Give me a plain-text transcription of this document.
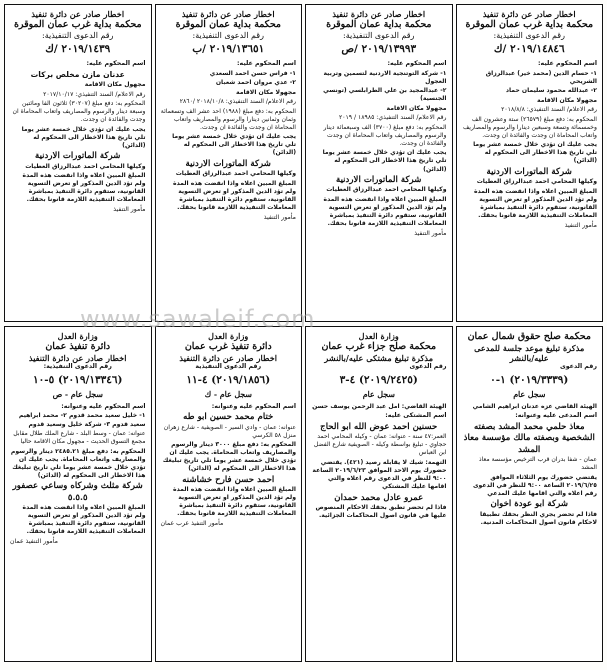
اخطار صادر عن دائرة تنفيذ
محكمة بداية غرب عمان الموقرة
رقم الدعوى التنفيذية:
٢٠١٩/١٤٨٤٦ /ك
اسم المحكوم عليه:
١- حسام الدين (محمد خير) عبدالرزاق الشريحي
٢- عبدالله محمود سليمان حماد
مجهولا مكان الاقامة
رقم الاعلام/ السند التنفيذي: ٢٠١٨/٨/٨
المحكوم به: دفع مبلغ (٢٦٥٧٩) ستة وعشرون الف وخمسمائة وتسعة وسبعين دينارا والرسوم والمصاريف واتعاب المحاماة ان وجدت والفائدة ان وجدت.
يجب عليك ان تؤدي خلال خمسة عشر يوما تلي تاريخ هذا الاخطار الى المحكوم له (الدائن)
شركة الماتورات الاردنية
وكيلها المحامي احمد عبدالرزاق العطيات
المبلغ المبين اعلاه واذا انقضت هذه المدة ولم تؤد الدين المذكور او تعرض التسوية القانونية، ستقوم دائرة التنفيذ بمباشرة المعاملات التنفيذية اللازمة قانونا بحقك.
مأمور التنفيذ
اخطار صادر عن دائرة تنفيذ
محكمة بداية عمان الموقرة
رقم الدعوى التنفيذية:
٢٠١٩/١٣٩٩٣ /ص
اسم المحكوم عليه:
١- شركة التوتنجية الاردنية لتسمين وتربية العجول
٢- عبدالمجيد بن علي الطرابلسي (تونسي الجنسية)
مجهولا مكان الاقامة
رقم الاعلام/ السند التنفيذي: ١٨٩٨٥ / ٢٠١٩
المحكوم به: دفع مبلغ (٣٧٠٠) الف وسبعمائة دينار والرسوم والمصاريف واتعاب المحاماة ان وجدت والفائدة ان وجدت.
يجب عليك ان تؤدي خلال خمسة عشر يوما تلي تاريخ هذا الاخطار الى المحكوم له (الدائن)
شركة الماتورات الاردنية
وكيلها المحامي احمد عبدالرزاق العطيات
المبلغ المبين اعلاه واذا انقضت هذه المدة ولم تؤد الدين المذكور او تعرض التسوية القانونية، ستقوم دائرة التنفيذ بمباشرة المعاملات التنفيذية اللازمة قانونا بحقك.
مأمور التنفيذ
اخطار صادر عن دائرة تنفيذ
محكمة بداية عمان الموقرة
رقم الدعوى التنفيذية:
٢٠١٩/١٣٦٥١ /ب
اسم المحكوم عليه:
١- فراس حسن احمد السعدي
٢- عدي مروان احمد شعبان
مجهولا مكان الاقامة
رقم الاعلام/ السند التنفيذي: ٢٠١٨/١٠/٨ /٢٨٦٠
المحكوم به: دفع مبلغ (١٩٨٨) احد عشر الف وتسعمائة وثمان وثمانين دينارا والرسوم والمصاريف واتعاب المحاماة ان وجدت والفائدة ان وجدت.
يجب عليك ان تؤدي خلال خمسة عشر يوما تلي تاريخ هذا الاخطار الى المحكوم له (الدائن)
شركة الماتورات الاردنية
وكيلها المحامي احمد عبدالرزاق العطيات
المبلغ المبين اعلاه واذا انقضت هذه المدة ولم تؤد الدين المذكور او تعرض التسوية القانونية، ستقوم دائرة التنفيذ بمباشرة المعاملات التنفيذية اللازمة قانونا بحقك.
مأمور التنفيذ
اخطار صادر عن دائرة تنفيذ
محكمة بداية غرب عمان الموقرة
رقم الدعوى التنفيذية:
٢٠١٩/١٤٣٩ /ك
اسم المحكوم عليه:
عدنان مازن مخلص بركات
مجهول مكان الاقامة
رقم الاعلام/ السند التنفيذي: ٢٠١٧/١٠/١٧
المحكوم به: دفع مبلغ (٣٠٢٠٧) ثلاثون الفا ومائتين وسبعة دينار والرسوم والمصاريف واتعاب المحاماة ان وجدت والفائدة ان وجدت.
يجب عليك ان تؤدي خلال خمسة عشر يوما تلي تاريخ هذا الاخطار الى المحكوم له (الدائن)
شركة الماتورات الاردنية
وكيلها المحامي احمد عبدالرزاق العطيات
المبلغ المبين اعلاه واذا انقضت هذه المدة ولم تؤد الدين المذكور او تعرض التسوية القانونية، ستقوم دائرة التنفيذ بمباشرة المعاملات التنفيذية اللازمة قانونا بحقك.
مأمور التنفيذ
محكمة صلح حقوق شمال عمان
مذكرة تبليغ موعد جلسة للمدعى
عليه/بالنشر
رقم الدعوى
٢٠١٩/٣٣٣٩) ١-٠)
سجل عام
الهيئة القاضي عزه عدنان ابراهيم الشامي
اسم المدعى عليه وعنوانه:
معاذ حلمي محمد المشد بصفته الشخصية وبصفته مالك مؤسسة معاذ المشد
عمان - شفا بدران قرب الترخيص مؤسسة معاذ المشد
يقتضي حضورك يوم الثلاثاء الموافق ٢٠١٩/٦/٢٥ الساعة ٩:٠٠ للنظر في الدعوى رقم اعلاه والتي اقامها عليك المدعي
شركة ابو عودة اخوان
فاذا لم تحضر يجري النظر بحقك تطبيقا لاحكام قانون اصول المحاكمات المدنية.
وزارة العدل
محكمة صلح جزاء غرب عمان
مذكرة تبليغ مشتكى عليه/بالنشر
رقم الدعوى
٢٠١٩/٢٤٢٥) ٤-٣)
سجل عام
الهيئة القاضي: امل عبد الرحمن يوسف حسن
اسم المشتكى عليه:
حسنين احمد عوض الله ابو الحاج
العمر:٤٧ سنة - عنوانه: عمان - وكيله المحامي احمد حجاوي - تبليغ بواسطة وكيله - الصويفية شارع الفضل ابن العباس
التهمة: شيك لا يقابله رصيد (٤٢١). يقتضي حضورك يوم الاحد الموافق ٢٠١٩/٦/٢٣ الساعة ٩:٠٠ للنظر في الدعوى رقم اعلاه والتي اقامها عليك المشتكي
عمرو عادل محمد حمدان
فاذا لم تحضر تطبق بحقك الاحكام المنصوص عليها في قانون اصول المحاكمات الجزائية.
وزارة العدل
دائرة تنفيذ غرب عمان
اخطار صادر عن دائرة التنفيذ
رقم الدعوى التنفيذية
٢٠١٩/١٨٥٦) ٤-١١)
سجل عام - ك
اسم المحكوم عليه وعنوانه:
ختام محمد حسين ابو طه
عنوانه: عمان - وادي السير - الصويفية - شارع زهران منزل ٥٨ الكرسي
المحكوم به: دفع مبلغ ٣٠٠٠ دينار والرسوم والمصاريف واتعاب المحاماة. يجب عليك ان تؤدي خلال خمسة عشر يوما تلي تاريخ تبليغك هذا الاخطار الى المحكوم له (الدائن)
احمد حسن فارح خشاشنه
المبلغ المبين اعلاه واذا انقضت هذه المدة ولم تؤد الدين المذكور او تعرض التسوية القانونية، ستقوم دائرة التنفيذ بمباشرة المعاملات التنفيذية اللازمة قانونا بحقك.
مأمور التنفيذ عرب عمان
وزارة العدل
دائرة تنفيذ عمان
اخطار صادر عن دائرة التنفيذ
رقم الدعوى التنفيذية:
٢٠١٩/١٣٣٤٦) ٥-١٠)
سجل عام - ص
اسم المحكوم عليه وعنوانه:
١- خليل سعيد محمد قدوم ٢- محمد ابراهيم سعيد قدوم ٣- شركة خليل وسعيد قدوم
عنوانه: عمان - وسط البلد - شارع الملك طلال مقابل مجمع التسوق الحديث - مجهول مكان الاقامة حاليا
المحكوم به: دفع مبلغ ٢٤٨٥.٢١ دينار والرسوم والمصاريف واتعاب المحاماة. يجب عليك ان تؤدي خلال خمسة عشر يوما تلي تاريخ تبليغك هذا الاخطار الى المحكوم له (الدائن)
شركة مثلث وشركاه وساعي عصفور ٥.٥.٥
المبلغ المبين اعلاه واذا انقضت هذه المدة ولم تؤد الدين المذكور او تعرض التسوية القانونية، ستقوم دائرة التنفيذ بمباشرة المعاملات التنفيذية اللازمة قانونا بحقك.
مأمور التنفيذ عمان
www.sawaleif.com
